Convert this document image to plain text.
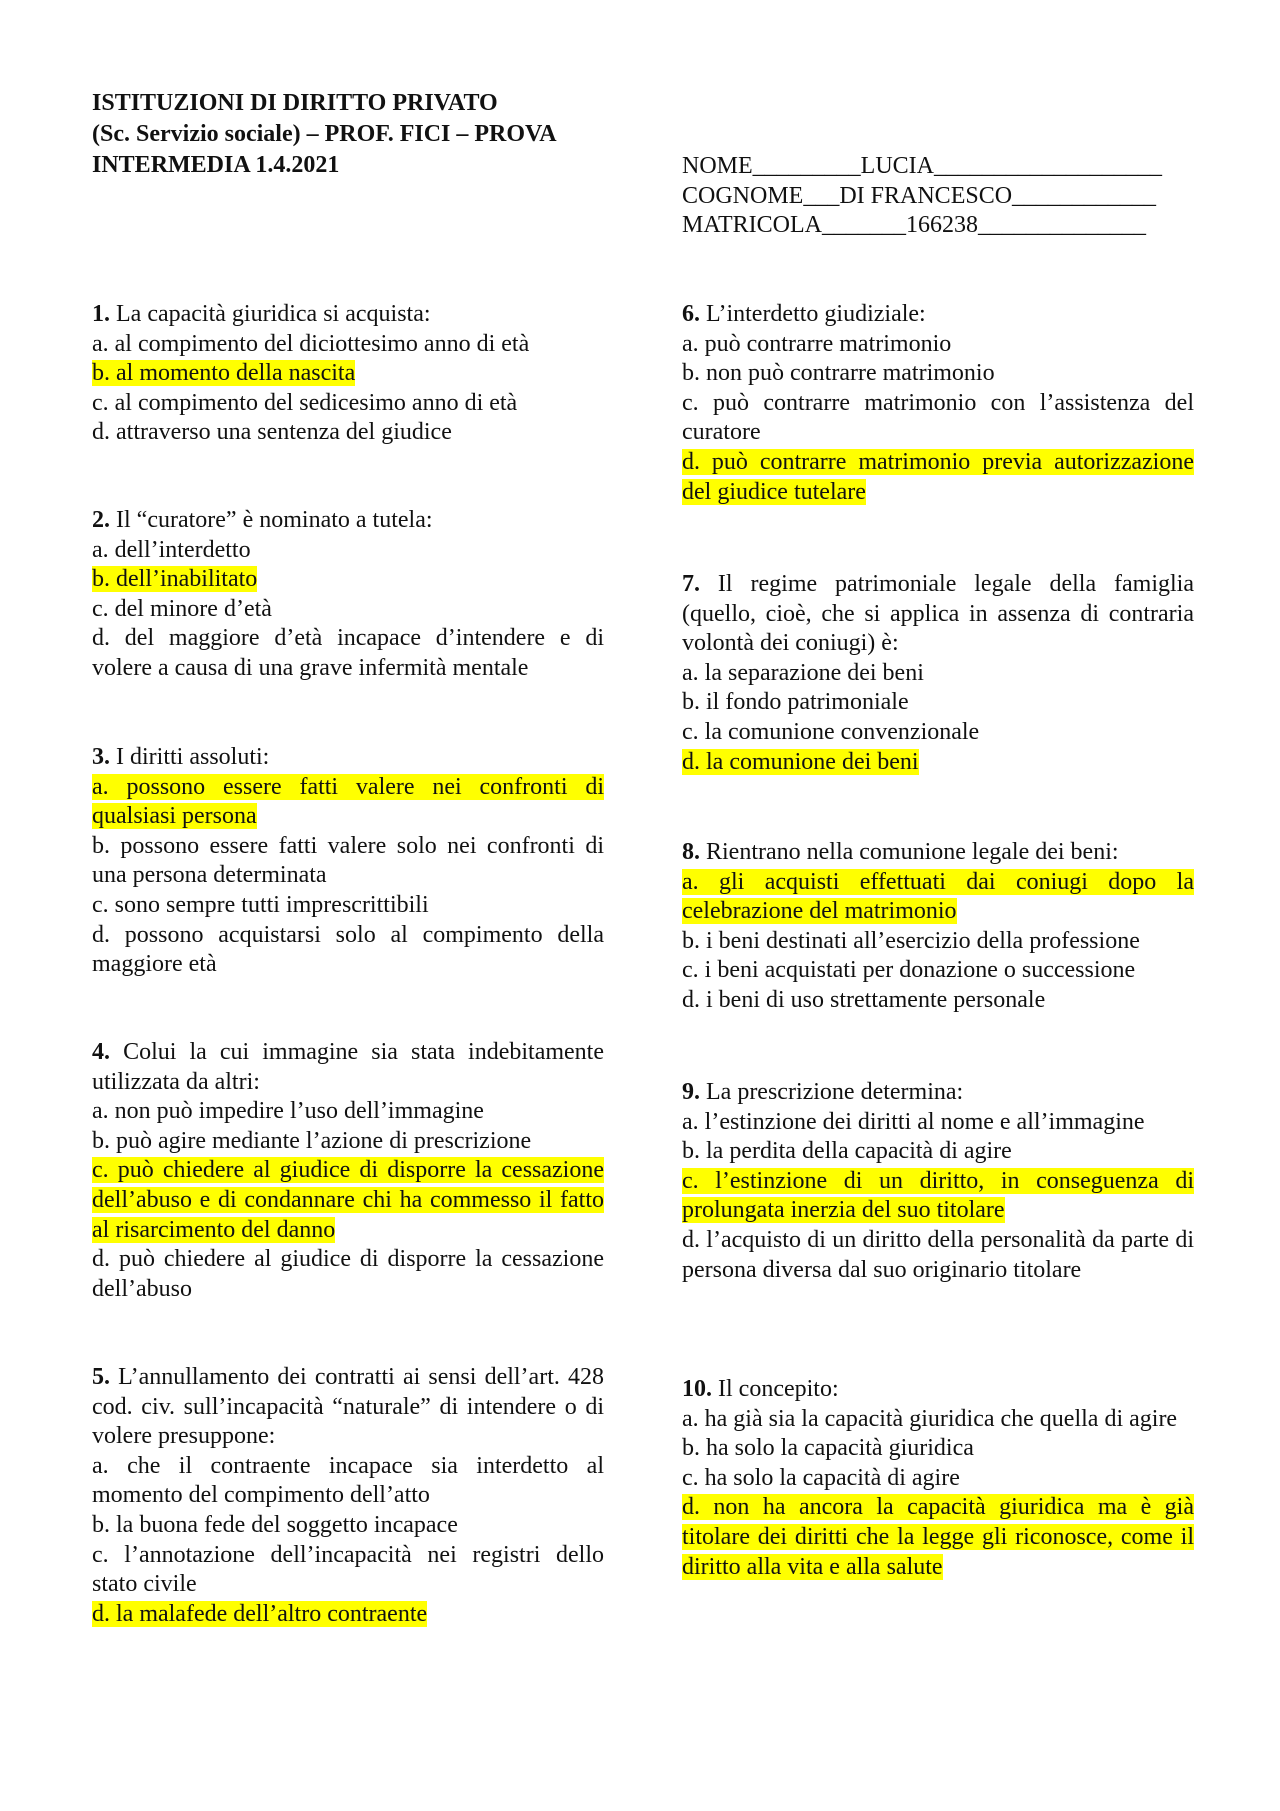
ISTITUZIONI DI DIRITTO PRIVATO
(Sc. Servizio sociale) – PROF. FICI – PROVA
INTERMEDIA 1.4.2021	NOME_________LUCIA___________________
COGNOME___DI FRANCESCO____________
MATRICOLA_______166238______________
1. La capacità giuridica si acquista:
a. al compimento del diciottesimo anno di età
b. al momento della nascita
c. al compimento del sedicesimo anno di età
d. attraverso una sentenza del giudice
2. Il “curatore” è nominato a tutela:
a. dell’interdetto
b. dell’inabilitato
c. del minore d’età
d. del maggiore d’età incapace d’intendere e di volere a causa di una grave infermità mentale
3. I diritti assoluti:
a. possono essere fatti valere nei confronti di qualsiasi persona
b. possono essere fatti valere solo nei confronti di una persona determinata
c. sono sempre tutti imprescrittibili
d. possono acquistarsi solo al compimento della maggiore età
4. Colui la cui immagine sia stata indebitamente utilizzata da altri:
a. non può impedire l’uso dell’immagine
b. può agire mediante l’azione di prescrizione
c. può chiedere al giudice di disporre la cessazione dell’abuso e di condannare chi ha commesso il fatto al risarcimento del danno
d. può chiedere al giudice di disporre la cessazione dell’abuso
5. L’annullamento dei contratti ai sensi dell’art. 428 cod. civ. sull’incapacità “naturale” di intendere o di volere presuppone:
a. che il contraente incapace sia interdetto al momento del compimento dell’atto
b. la buona fede del soggetto incapace
c. l’annotazione dell’incapacità nei registri dello stato civile
d. la malafede dell’altro contraente
6. L’interdetto giudiziale:
a. può contrarre matrimonio
b. non può contrarre matrimonio
c. può contrarre matrimonio con l’assistenza del curatore
d. può contrarre matrimonio previa autorizzazione del giudice tutelare
7. Il regime patrimoniale legale della famiglia (quello, cioè, che si applica in assenza di contraria volontà dei coniugi) è:
a. la separazione dei beni
b. il fondo patrimoniale
c. la comunione convenzionale
d. la comunione dei beni
8. Rientrano nella comunione legale dei beni:
a. gli acquisti effettuati dai coniugi dopo la celebrazione del matrimonio
b. i beni destinati all’esercizio della professione
c. i beni acquistati per donazione o successione
d. i beni di uso strettamente personale
9. La prescrizione determina:
a. l’estinzione dei diritti al nome e all’immagine
b. la perdita della capacità di agire
c. l’estinzione di un diritto, in conseguenza di prolungata inerzia del suo titolare
d. l’acquisto di un diritto della personalità da parte di persona diversa dal suo originario titolare
10. Il concepito:
a. ha già sia la capacità giuridica che quella di agire
b. ha solo la capacità giuridica
c. ha solo la capacità di agire
d. non ha ancora la capacità giuridica ma è già titolare dei diritti che la legge gli riconosce, come il diritto alla vita e alla salute
